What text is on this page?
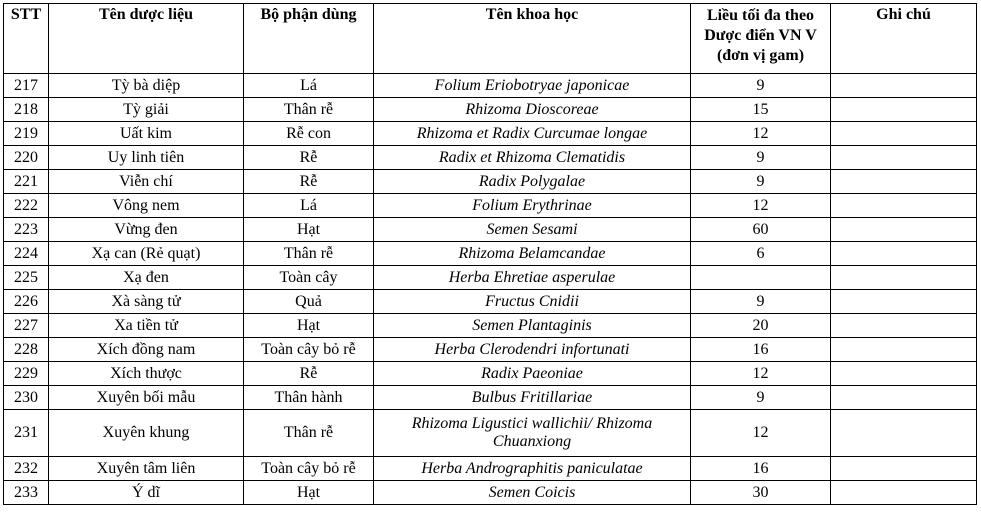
STT	Tên dược liệu	Bộ phận dùng	Tên khoa học	Liều tối đa theo Dược điển VN V (đơn vị gam)	Ghi chú
217	Tỳ bà diệp	Lá	Folium Eriobotryae japonicae	9	
218	Tỳ giải	Thân rễ	Rhizoma Dioscoreae	15	
219	Uất kim	Rễ con	Rhizoma et Radix Curcumae longae	12	
220	Uy linh tiên	Rễ	Radix et Rhizoma Clematidis	9	
221	Viễn chí	Rễ	Radix Polygalae	9	
222	Vông nem	Lá	Folium Erythrinae	12	
223	Vừng đen	Hạt	Semen Sesami	60	
224	Xạ can (Rẻ quạt)	Thân rễ	Rhizoma Belamcandae	6	
225	Xạ đen	Toàn cây	Herba Ehretiae asperulae		
226	Xà sàng tử	Quả	Fructus Cnidii	9	
227	Xa tiền tử	Hạt	Semen Plantaginis	20	
228	Xích đồng nam	Toàn cây bỏ rễ	Herba Clerodendri infortunati	16	
229	Xích thược	Rễ	Radix Paeoniae	12	
230	Xuyên bối mẫu	Thân hành	Bulbus Fritillariae	9	
231	Xuyên khung	Thân rễ	Rhizoma Ligustici wallichii/ Rhizoma Chuanxiong	12	
232	Xuyên tâm liên	Toàn cây bỏ rễ	Herba Andrographitis paniculatae	16	
233	Ý dĩ	Hạt	Semen Coicis	30	
